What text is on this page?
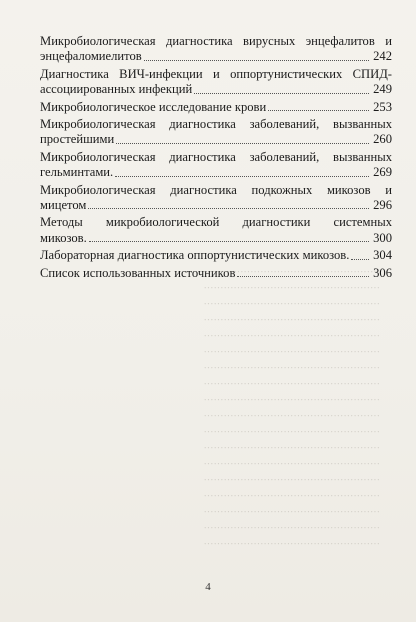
Микробиологическая диагностика вирусных энцефалитов и
энцефаломиелитов	242
Диагностика ВИЧ-инфекции и оппортунистических СПИД-
ассоциированных инфекций	249
Микробиологическое исследование крови	253
Микробиологическая диагностика заболеваний, вызванных
простейшими	260
Микробиологическая диагностика заболеваний, вызванных
гельминтами.	269
Микробиологическая диагностика подкожных микозов и
мицетом	296
Методы микробиологической диагностики системных
микозов.	300
Лабораторная диагностика оппортунистических микозов. 304
Список использованных источников	306
·····················································
·····················································
·····················································
·····················································
·····················································
·····················································
·····················································
·····················································
·····················································
·····················································
·····················································
·····················································
·····················································
·····················································
·····················································
·····················································
·····················································
·····················································
4
